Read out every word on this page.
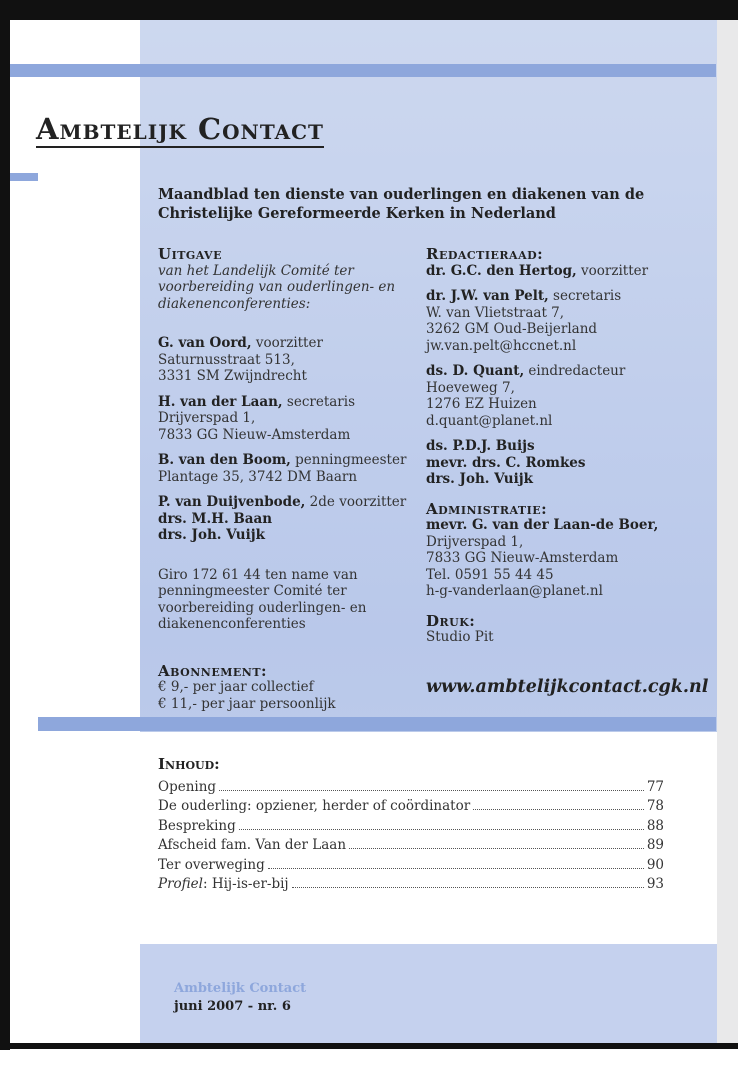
Ambtelijk Contact

Maandblad ten dienste van ouderlingen en diakenen van de Christelijke Gereformeerde Kerken in Nederland

Uitgave
van het Landelijk Comité ter voorbereiding van ouderlingen- en diakenenconferenties:
G. van Oord, voorzitter
Saturnusstraat 513,
3331 SM Zwijndrecht
H. van der Laan, secretaris
Drijverspad 1,
7833 GG Nieuw-Amsterdam
B. van den Boom, penningmeester
Plantage 35, 3742 DM Baarn
P. van Duijvenbode, 2de voorzitter
drs. M.H. Baan
drs. Joh. Vuijk
Giro 172 61 44 ten name van penningmeester Comité ter voorbereiding ouderlingen- en diakenenconferenties
Abonnement:
€ 9,- per jaar collectief
€ 11,- per jaar persoonlijk
Redactieraad:
dr. G.C. den Hertog, voorzitter
dr. J.W. van Pelt, secretaris
W. van Vlietstraat 7,
3262 GM Oud-Beijerland
jw.van.pelt@hccnet.nl
ds. D. Quant, eindredacteur
Hoeveweg 7,
1276 EZ Huizen
d.quant@planet.nl
ds. P.D.J. Buijs
mevr. drs. C. Romkes
drs. Joh. Vuijk
Administratie:
mevr. G. van der Laan-de Boer,
Drijverspad 1,
7833 GG Nieuw-Amsterdam
Tel. 0591 55 44 45
h-g-vanderlaan@planet.nl
Druk:
Studio Pit

www.ambtelijkcontact.cgk.nl

Inhoud:
Opening	77
De ouderling: opziener, herder of coördinator	78
Bespreking	88
Afscheid fam. Van der Laan	89
Ter overweging	90
Profiel: Hij-is-er-bij	93

Ambtelijk Contact

juni 2007 - nr. 6
